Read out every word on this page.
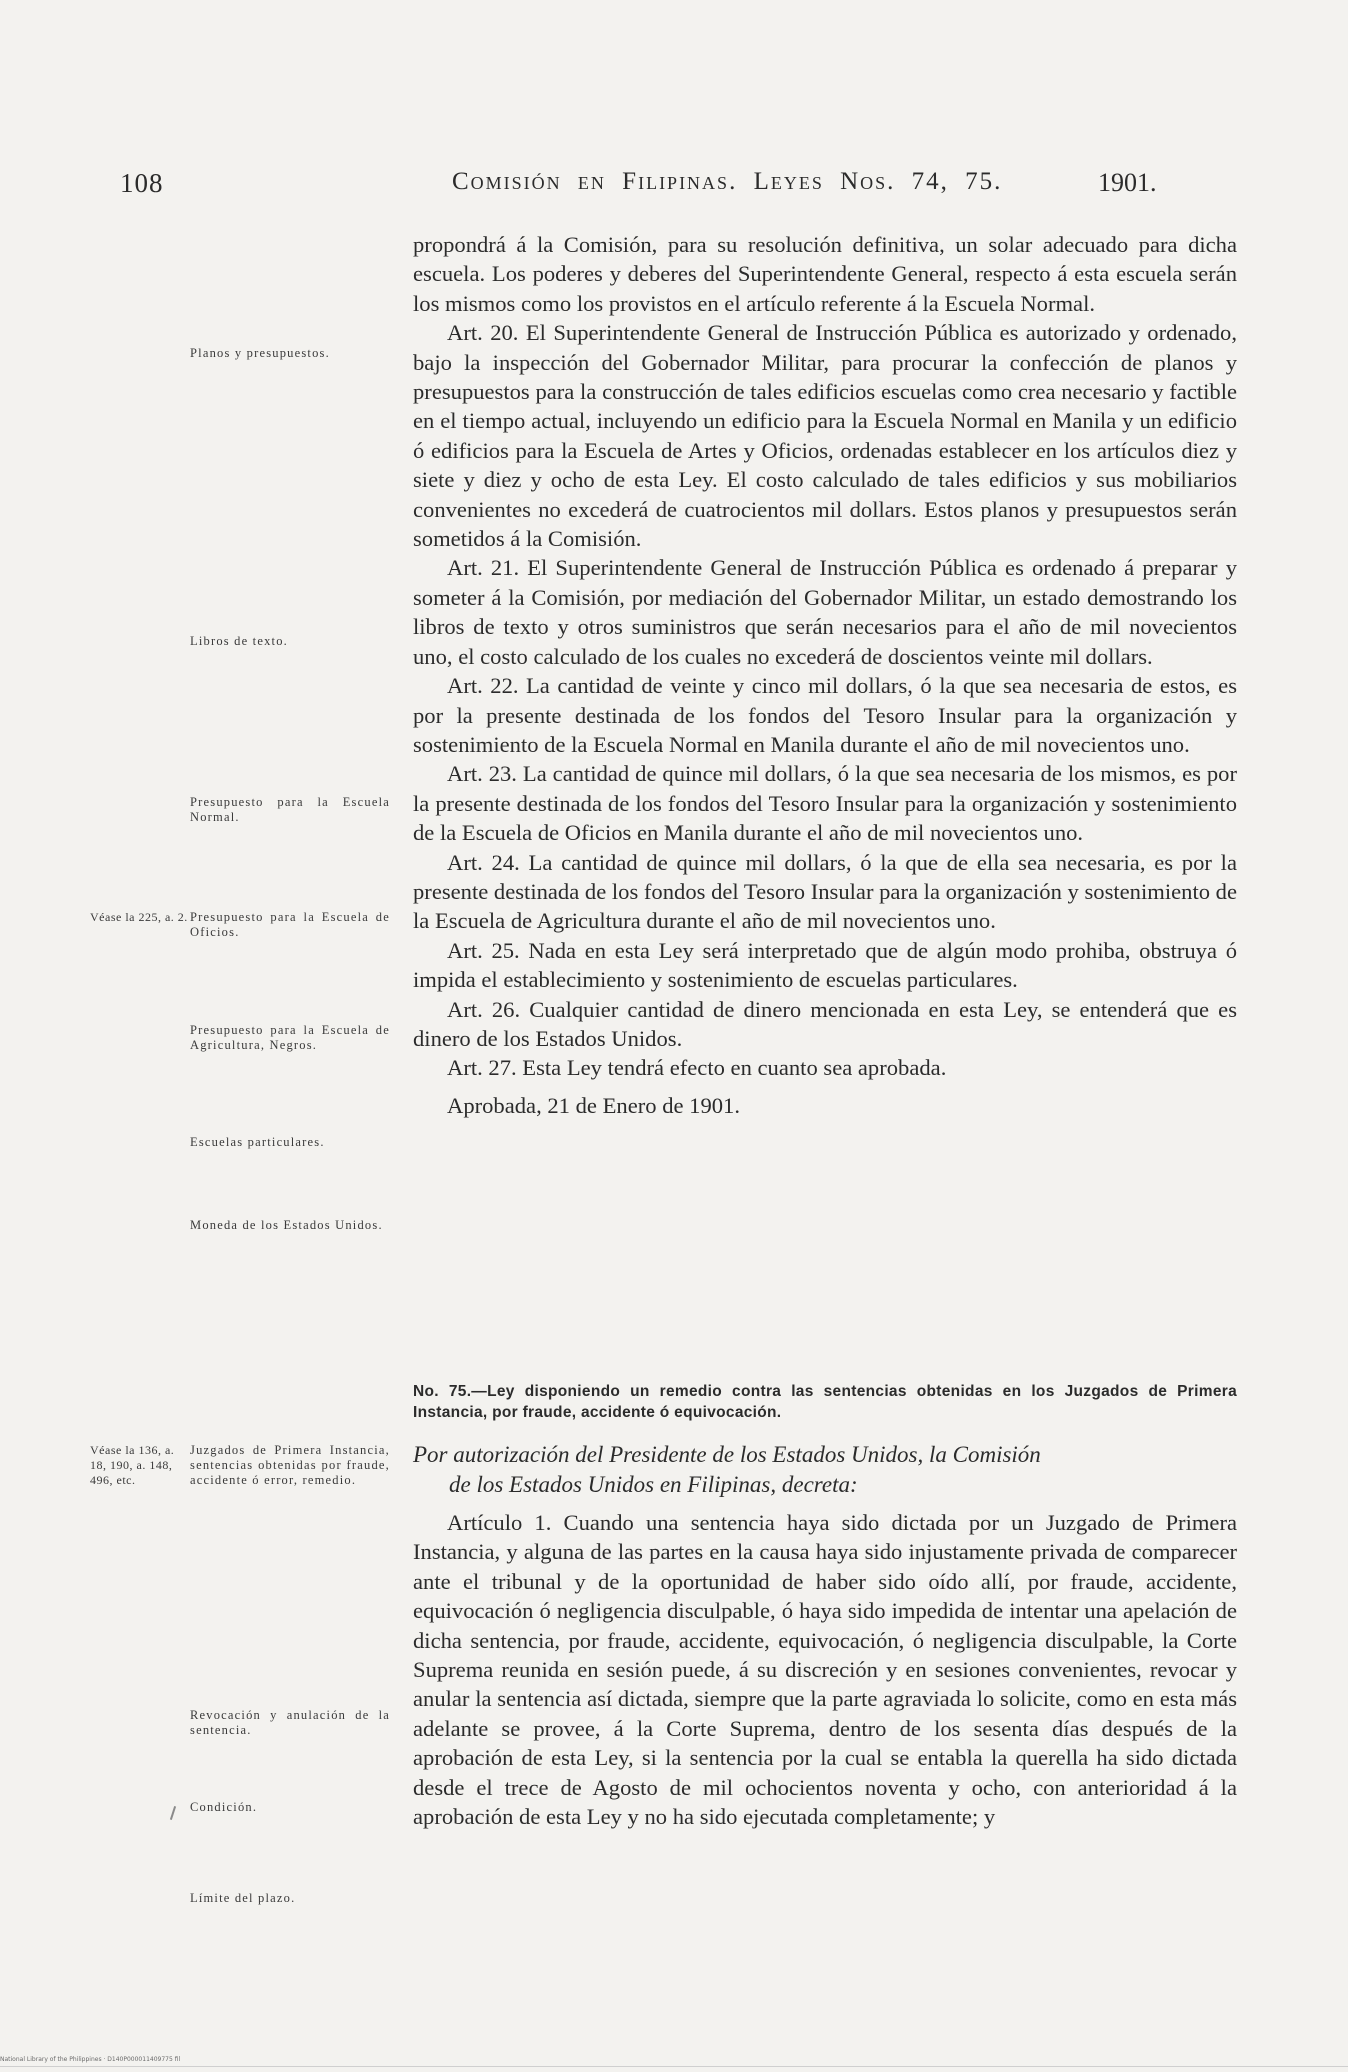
108	Comisión en Filipinas. Leyes Nos. 74, 75.	1901.

propondrá á la Comisión, para su resolución definitiva, un solar adecuado para dicha escuela. Los poderes y deberes del Superintendente General, respecto á esta escuela serán los mismos como los provistos en el artículo referente á la Escuela Normal.

Art. 20. El Superintendente General de Instrucción Pública es autorizado y ordenado, bajo la inspección del Gobernador Militar, para procurar la confección de planos y presupuestos para la construcción de tales edificios escuelas como crea necesario y factible en el tiempo actual, incluyendo un edificio para la Escuela Normal en Manila y un edificio ó edificios para la Escuela de Artes y Oficios, ordenadas establecer en los artículos diez y siete y diez y ocho de esta Ley. El costo calculado de tales edificios y sus mobiliarios convenientes no excederá de cuatrocientos mil dollars. Estos planos y presupuestos serán sometidos á la Comisión.

Art. 21. El Superintendente General de Instrucción Pública es ordenado á preparar y someter á la Comisión, por mediación del Gobernador Militar, un estado demostrando los libros de texto y otros suministros que serán necesarios para el año de mil novecientos uno, el costo calculado de los cuales no excederá de doscientos veinte mil dollars.

Art. 22. La cantidad de veinte y cinco mil dollars, ó la que sea necesaria de estos, es por la presente destinada de los fondos del Tesoro Insular para la organización y sostenimiento de la Escuela Normal en Manila durante el año de mil novecientos uno.

Art. 23. La cantidad de quince mil dollars, ó la que sea necesaria de los mismos, es por la presente destinada de los fondos del Tesoro Insular para la organización y sostenimiento de la Escuela de Oficios en Manila durante el año de mil novecientos uno.

Art. 24. La cantidad de quince mil dollars, ó la que de ella sea necesaria, es por la presente destinada de los fondos del Tesoro Insular para la organización y sostenimiento de la Escuela de Agricultura durante el año de mil novecientos uno.

Art. 25. Nada en esta Ley será interpretado que de algún modo prohiba, obstruya ó impida el establecimiento y sostenimiento de escuelas particulares.

Art. 26. Cualquier cantidad de dinero mencionada en esta Ley, se entenderá que es dinero de los Estados Unidos.

Art. 27. Esta Ley tendrá efecto en cuanto sea aprobada.

Aprobada, 21 de Enero de 1901.

Planos y presupuestos.
Libros de texto.
Presupuesto para la Escuela Normal.
Véase la 225, a. 2. Presupuesto para la Escuela de Oficios.
Presupuesto para la Escuela de Agricultura, Negros.
Escuelas particulares.
Moneda de los Estados Unidos.
No. 75.—Ley disponiendo un remedio contra las sentencias obtenidas en los Juzgados de Primera Instancia, por fraude, accidente ó equivocación.
Por autorización del Presidente de los Estados Unidos, la Comisión
de los Estados Unidos en Filipinas, decreta:

Artículo 1. Cuando una sentencia haya sido dictada por un Juzgado de Primera Instancia, y alguna de las partes en la causa haya sido injustamente privada de comparecer ante el tribunal y de la oportunidad de haber sido oído allí, por fraude, accidente, equivocación ó negligencia disculpable, ó haya sido impedida de intentar una apelación de dicha sentencia, por fraude, accidente, equivocación, ó negligencia disculpable, la Corte Suprema reunida en sesión puede, á su discreción y en sesiones convenientes, revocar y anular la sentencia así dictada, siempre que la parte agraviada lo solicite, como en esta más adelante se provee, á la Corte Suprema, dentro de los sesenta días después de la aprobación de esta Ley, si la sentencia por la cual se entabla la querella ha sido dictada desde el trece de Agosto de mil ochocientos noventa y ocho, con anterioridad á la aprobación de esta Ley y no ha sido ejecutada completamente; y

Véase la 136, a. 18, 190, a. 148, 496, etc.
Juzgados de Primera Instancia, sentencias obtenidas por fraude, accidente ó error, remedio.
Revocación y anulación de la sentencia.
Condición.
Límite del plazo.
National Library of the Philippines · D140P000011409775 fil
